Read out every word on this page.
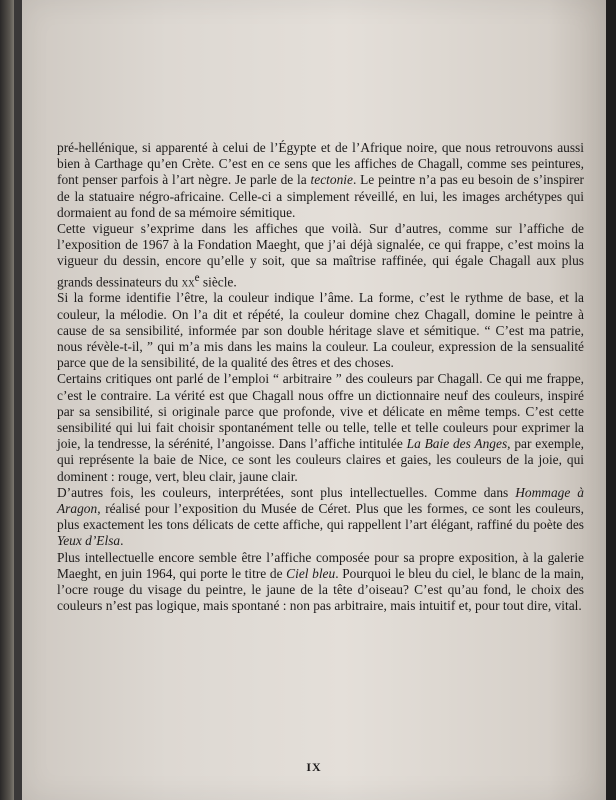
pré-hellénique, si apparenté à celui de l’Égypte et de l’Afrique noire, que nous retrouvons aussi bien à Carthage qu’en Crète. C’est en ce sens que les affiches de Chagall, comme ses peintures, font penser parfois à l’art nègre. Je parle de la tectonie. Le peintre n’a pas eu besoin de s’inspirer de la statuaire négro-africaine. Celle-ci a simplement réveillé, en lui, les images archétypes qui dormaient au fond de sa mémoire sémitique.

Cette vigueur s’exprime dans les affiches que voilà. Sur d’autres, comme sur l’affiche de l’exposition de 1967 à la Fondation Maeght, que j’ai déjà signalée, ce qui frappe, c’est moins la vigueur du dessin, encore qu’elle y soit, que sa maîtrise raffinée, qui égale Chagall aux plus grands dessinateurs du $xx^e$ siècle.

Si la forme identifie l’être, la couleur indique l’âme. La forme, c’est le rythme de base, et la couleur, la mélodie. On l’a dit et répété, la couleur domine chez Chagall, domine le peintre à cause de sa sensibilité, informée par son double héritage slave et sémitique. “ C’est ma patrie, nous révèle-t-il, ” qui m’a mis dans les mains la couleur. La couleur, expression de la sensualité parce que de la sensibilité, de la qualité des êtres et des choses.

Certains critiques ont parlé de l’emploi “ arbitraire ” des couleurs par Chagall. Ce qui me frappe, c’est le contraire. La vérité est que Chagall nous offre un dictionnaire neuf des couleurs, inspiré par sa sensibilité, si originale parce que profonde, vive et délicate en même temps. C’est cette sensibilité qui lui fait choisir spontanément telle ou telle, telle et telle couleurs pour exprimer la joie, la tendresse, la sérénité, l’angoisse. Dans l’affiche intitulée La Baie des Anges, par exemple, qui représente la baie de Nice, ce sont les couleurs claires et gaies, les couleurs de la joie, qui dominent : rouge, vert, bleu clair, jaune clair.

D’autres fois, les couleurs, interprétées, sont plus intellectuelles. Comme dans Hommage à Aragon, réalisé pour l’exposition du Musée de Céret. Plus que les formes, ce sont les couleurs, plus exactement les tons délicats de cette affiche, qui rappellent l’art élégant, raffiné du poète des Yeux d’Elsa.

Plus intellectuelle encore semble être l’affiche composée pour sa propre exposition, à la galerie Maeght, en juin 1964, qui porte le titre de Ciel bleu. Pourquoi le bleu du ciel, le blanc de la main, l’ocre rouge du visage du peintre, le jaune de la tête d’oiseau? C’est qu’au fond, le choix des couleurs n’est pas logique, mais spontané : non pas arbitraire, mais intuitif et, pour tout dire, vital.

IX
